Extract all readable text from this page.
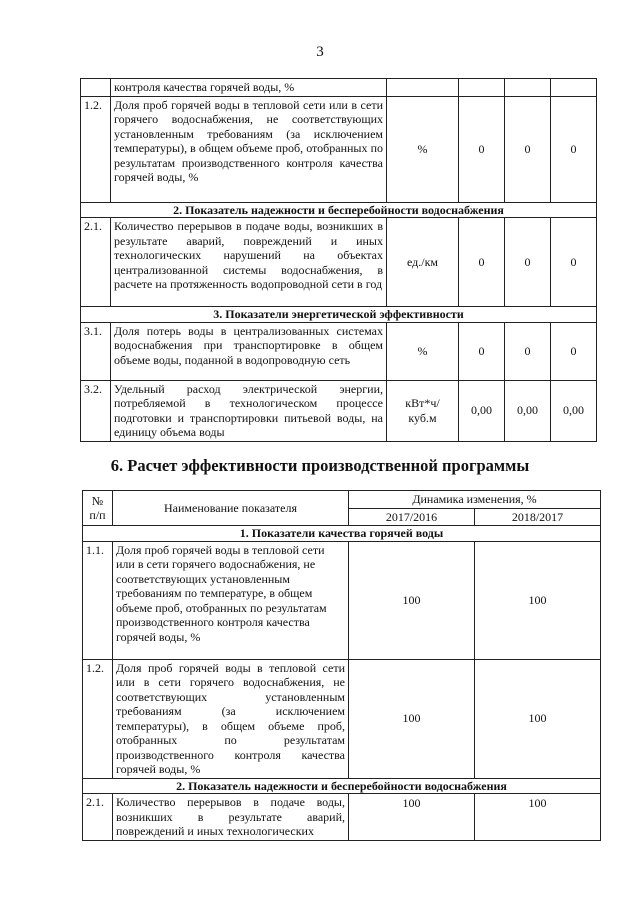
3
	контроля качества горячей воды, %				
1.2.	Доля проб горячей воды в тепловой сети или в сети горячего водоснабжения, не соответствующих установленным требованиям (за исключением температуры), в общем объеме проб, отобранных по результатам производственного контроля качества горячей воды, %	%	0	0	0
2. Показатель надежности и бесперебойности водоснабжения					
2.1.	Количество перерывов в подаче воды, возникших в результате аварий, повреждений и иных технологических нарушений на объектах централизованной системы водоснабжения, в расчете на протяженность водопроводной сети в год	ед./км	0	0	0
3. Показатели энергетической эффективности					
3.1.	Доля потерь воды в централизованных системах водоснабжения при транспортировке в общем объеме воды, поданной в водопроводную сеть	%	0	0	0
3.2.	Удельный расход электрической энергии, потребляемой в технологическом процессе подготовки и транспортировки питьевой воды, на единицу объема воды	кВт*ч/ куб.м	0,00	0,00	0,00
6. Расчет эффективности производственной программы
№ п/п	Наименование показателя	Динамика изменения, %	
		2017/2016	2018/2017
1. Показатели качества горячей воды			
1.1.	Доля проб горячей воды в тепловой сети или в сети горячего водоснабжения, не соответствующих установленным требованиям по температуре, в общем объеме проб, отобранных по результатам производственного контроля качества горячей воды, %	100	100
1.2.	Доля проб горячей воды в тепловой сети или в сети горячего водоснабжения, не соответствующих установленным требованиям (за исключением температуры), в общем объеме проб, отобранных по результатам производственного контроля качества горячей воды, %	100	100
2. Показатель надежности и бесперебойности водоснабжения			
2.1.	Количество перерывов в подаче воды, возникших в результате аварий, повреждений и иных технологических	100	100
